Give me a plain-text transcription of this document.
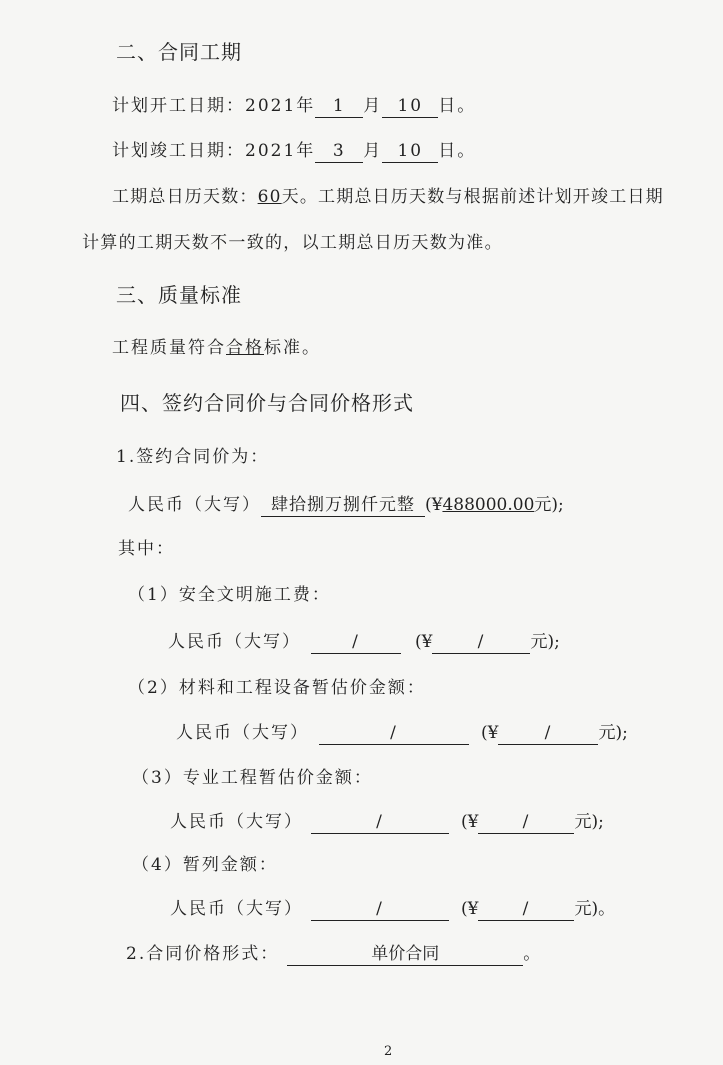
二、合同工期
计划开工日期：2021年 1 月 10 日。
计划竣工日期：2021年 3 月 10 日。
工期总日历天数：60天。工期总日历天数与根据前述计划开竣工日期
计算的工期天数不一致的，以工期总日历天数为准。
三、质量标准
工程质量符合合格标准。
四、签约合同价与合同价格形式
1.签约合同价为：
人民币（大写） 肆拾捌万捌仟元整 (¥488000.00元);
其中：
（1）安全文明施工费：
人民币（大写）	/	(¥	/	元);
（2）材料和工程设备暂估价金额：
人民币（大写）	/	(¥	/	元);
（3）专业工程暂估价金额：
人民币（大写）	/	(¥	/	元);
（4）暂列金额：
人民币（大写）	/	(¥	/	元)。
2.合同价格形式：	单价合同	。
2
